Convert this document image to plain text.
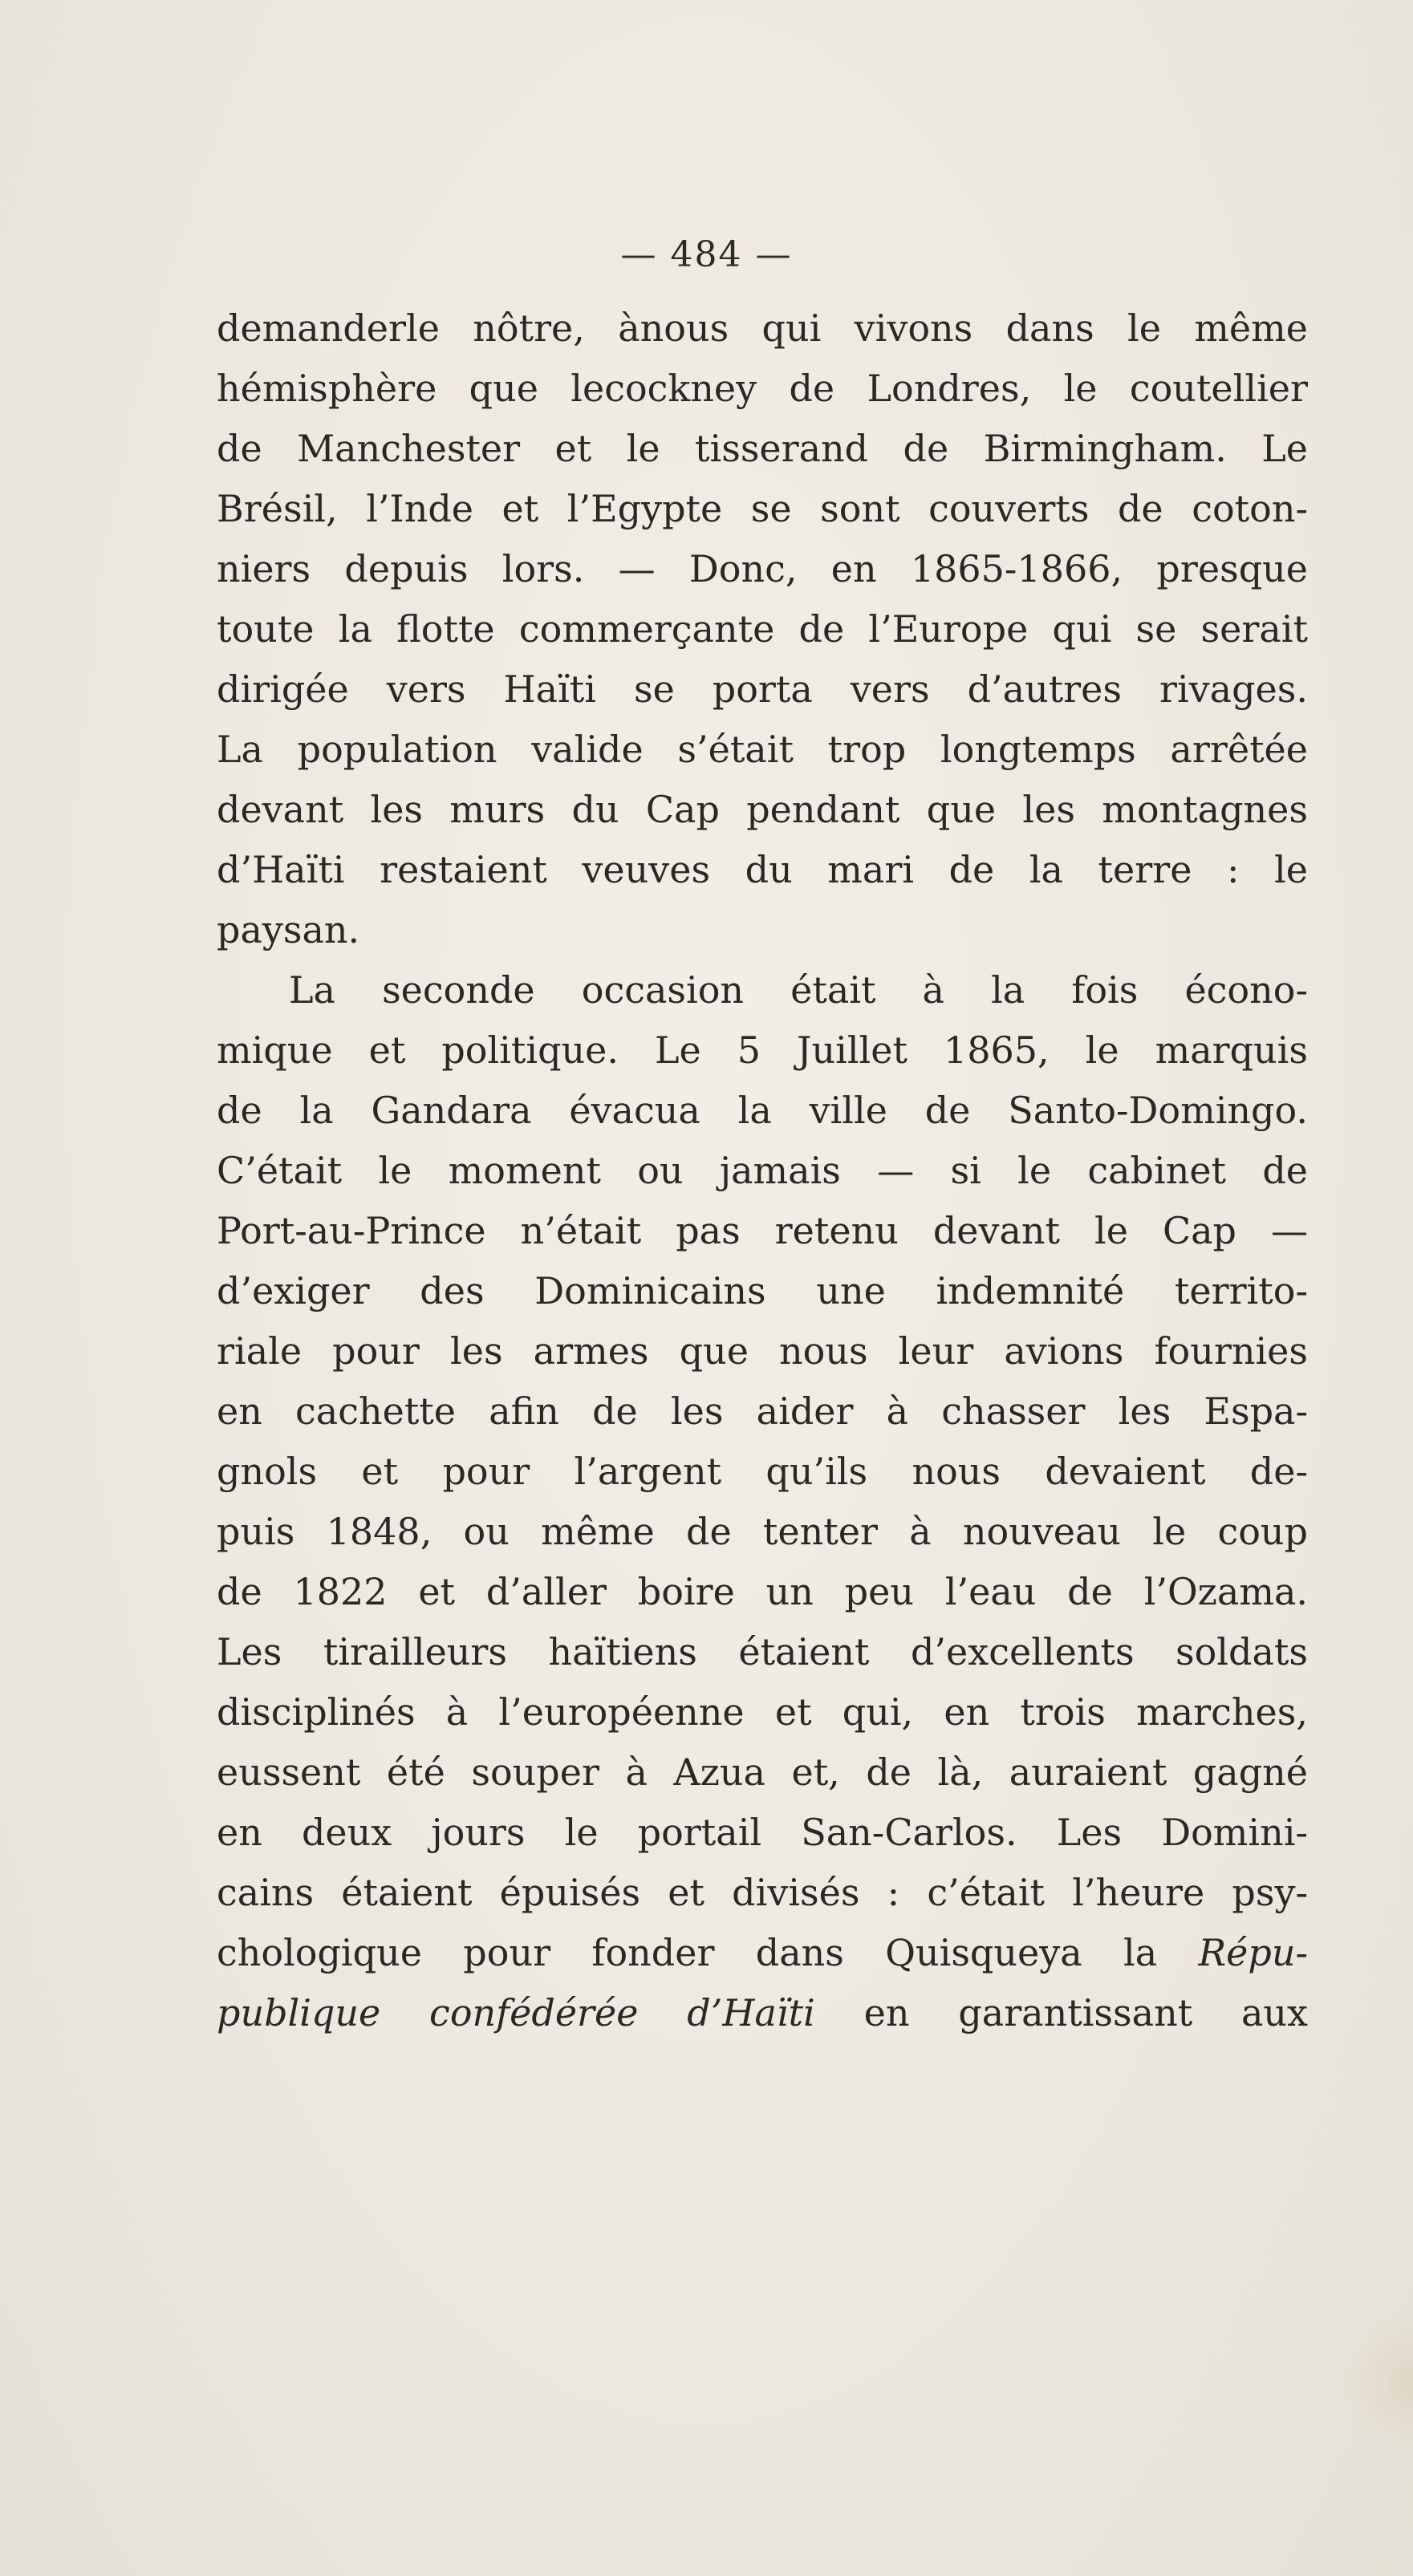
— 484 —
demanderle nôtre, ànous qui vivons dans le même
hémisphère que lecockney de Londres, le coutellier
de Manchester et le tisserand de Birmingham. Le
Brésil, l’Inde et l’Egypte se sont couverts de coton-
niers depuis lors. — Donc, en 1865-1866, presque
toute la flotte commerçante de l’Europe qui se serait
dirigée vers Haïti se porta vers d’autres rivages.
La population valide s’était trop longtemps arrêtée
devant les murs du Cap pendant que les montagnes
d’Haïti restaient veuves du mari de la terre : le
paysan.
La seconde occasion était à la fois écono-
mique et politique. Le 5 Juillet 1865, le marquis
de la Gandara évacua la ville de Santo-Domingo.
C’était le moment ou jamais — si le cabinet de
Port-au-Prince n’était pas retenu devant le Cap —
d’exiger des Dominicains une indemnité territo-
riale pour les armes que nous leur avions fournies
en cachette afin de les aider à chasser les Espa-
gnols et pour l’argent qu’ils nous devaient de-
puis 1848, ou même de tenter à nouveau le coup
de 1822 et d’aller boire un peu l’eau de l’Ozama.
Les tirailleurs haïtiens étaient d’excellents soldats
disciplinés à l’européenne et qui, en trois marches,
eussent été souper à Azua et, de là, auraient gagné
en deux jours le portail San-Carlos. Les Domini-
cains étaient épuisés et divisés : c’était l’heure psy-
chologique pour fonder dans Quisqueya la Répu-
publique confédérée d’Haïti en garantissant aux
